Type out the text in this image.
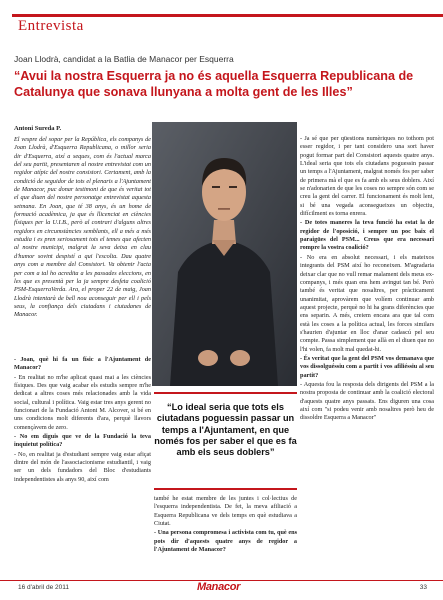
Entrevista
Joan Llodrà, candidat a la Batlia de Manacor per Esquerra
“Avui la nostra Esquerra ja no és aquella Esquerra Republicana de Catalunya que sonava llunyana a molta gent de les Illes”
Antoni Sureda P.

El vespre del sopar per la República, els companys de Joan Llodrà, d'Esquerra Republicana, o millor seria dir d'Esquerra, així a seques, com és l'actual marca del seu partit, presentaren al nostre entrevistat com un regidor atípic del nostre consistori. Certament, amb la condició de seguidor de tots el plenaris a l'Ajuntament de Manacor, puc donar testimoni de que és veritat tot el que diuen del nostre personatge entrevistat aquesta setmana. En Joan, que té 38 anys, és un home de formació acadèmica, ja que és llicenciat en ciències físiques per la U.I.B., però al contrari d'alguns altres regidors en circumstàncies semblants, ell a més a més estudia i es pren seriosament tots el temes que afecten al nostre municipi, malgrat la seva deixa en clau d'humor sovint despistí a qui l'escolta. Dau quatre anys com a membre del Consistori. Va obtenir l'acta per com a tal ho acredita a les passades eleccions, en les que es presentà per la ja sempre desfeta coalició PSM-EsquerraVerda. Ara, el proper 22 de maig, Joan Llodrà intentarà de bell nou aconseguir per ell i pels seus, la confiança dels ciutadans i ciutadanes de Manacor.

“Lo ideal seria que tots els ciutadans poguessin passar un temps a l'Ajuntament, en que només fos per saber el que es fa amb els seus doblers”

- Joan, què hi fa un físic a l'Ajuntament de Manacor?

- En realitat no m'he aplicat quasi mai a les ciències físiques. Des que vaig acabar els estudis sempre m'he dedicat a altres coses més relacionades amb la vida social, cultural i política. Vaig estar tres anys gerent no funcionari de la Fundació Antoni M. Alcover, si bé en uns condicions molt diferents d'ara, perquè llavors començàvem de zero.

- No em diguis que ve de la Fundació la teva inquietut política?

- No, en realitat ja d'estudiant sempre vaig estar afiçat dintre del món de l'associacionisme estudiantil, i vaig ser un dels fundadors del Bloc d'estudiants independentistes als anys 90, així com

també he estat membre de les juntes i col·lectius de l'esquerra independentista. De fet, la meva afiliació a Esquerra Republicana ve dels temps en què estudiava a Ciutat.

- Una persona compromesa i activista com tu, què ens pots dir d'aquests quatre anys de regidor a l'Ajuntament de Manacor?

- Ja sé que per qüestions numèriques no tothom pot esser regidor, i per tant considero una sort haver pogut formar part del Consistori aquests quatre anys. L'ideal seria que tots els ciutadans poguessin passar un temps a l'Ajuntament, malgrat només fos per saber de primera mà el que es fa amb els seus doblers. Així se n'adonarien de que les coses no sempre són com se creu la gent del carrer. El funcionament és molt lent, si bé una vegada aconsegueixes un objectiu, difícilment es torna enrera.

- De totes maneres la teva funció ha estat la de regidor de l'oposició, i sempre un poc baix el paraigües del PSM... Creus que era necessari rompre la vostra coalició?

- No era en absolut necessari, i els mateixos integrants del PSM així ho reconeixen. M'agradaria deixar clar que no vull remar malament dels meus ex-companys, i més quan ens hem avingut tan bé. Però també és veritat que nosaltres, per pràcticament unanimitat, aprovàrem que volíem continuar amb aquest projecte, perquè no hi ha grans diferències que ens separin. A més, creiem encara ara que tal com està les coses a la política actual, les forces similars s'haurien d'ajuntar en lloc d'anar cadascú pel seu compte. Passa simplement que allà en el diuen que no l'hi volen, fa molt mal quedat-hi.

- És veritat que la gent del PSM vos demanava que vos dissolguéssiu com a partit i vos afiliéssiu al seu partit?

- Aquesta fou la resposta dels dirigents del PSM a la nostra proposta de continuar amb la coalició electoral d'aquests quatre anys passats. Ens diguren una cosa així com "si podeu venir amb nosaltres però heu de dissoldre Esquerra a Manacor"

16 d'abril de 2011	Manacor	33
